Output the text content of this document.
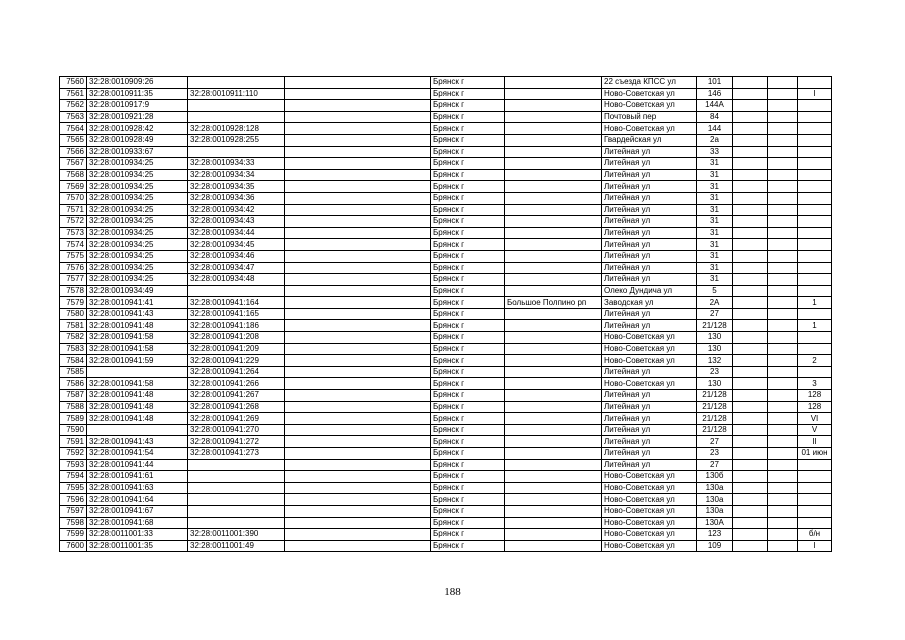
7560	32:28:0010909:26			Брянск г		22 съезда КПСС ул	101			
7561	32:28:0010911:35	32:28:0010911:110		Брянск г		Ново-Советская ул	146			I
7562	32:28:0010917:9			Брянск г		Ново-Советская ул	144А			
7563	32:28:0010921:28			Брянск г		Почтовый пер	84			
7564	32:28:0010928:42	32:28:0010928:128		Брянск г		Ново-Советская ул	144			
7565	32:28:0010928:49	32:28:0010928:255		Брянск г		Гвардейская ул	2а			
7566	32:28:0010933:67			Брянск г		Литейная ул	33			
7567	32:28:0010934:25	32:28:0010934:33		Брянск г		Литейная ул	31			
7568	32:28:0010934:25	32:28:0010934:34		Брянск г		Литейная ул	31			
7569	32:28:0010934:25	32:28:0010934:35		Брянск г		Литейная ул	31			
7570	32:28:0010934:25	32:28:0010934:36		Брянск г		Литейная ул	31			
7571	32:28:0010934:25	32:28:0010934:42		Брянск г		Литейная ул	31			
7572	32:28:0010934:25	32:28:0010934:43		Брянск г		Литейная ул	31			
7573	32:28:0010934:25	32:28:0010934:44		Брянск г		Литейная ул	31			
7574	32:28:0010934:25	32:28:0010934:45		Брянск г		Литейная ул	31			
7575	32:28:0010934:25	32:28:0010934:46		Брянск г		Литейная ул	31			
7576	32:28:0010934:25	32:28:0010934:47		Брянск г		Литейная ул	31			
7577	32:28:0010934:25	32:28:0010934:48		Брянск г		Литейная ул	31			
7578	32:28:0010934:49			Брянск г		Олеко Дундича ул	5			
7579	32:28:0010941:41	32:28:0010941:164		Брянск г	Большое Полпино рп	Заводская ул	2А			1
7580	32:28:0010941:43	32:28:0010941:165		Брянск г		Литейная ул	27			
7581	32:28:0010941:48	32:28:0010941:186		Брянск г		Литейная ул	21/128			1
7582	32:28:0010941:58	32:28:0010941:208		Брянск г		Ново-Советская ул	130			
7583	32:28:0010941:58	32:28:0010941:209		Брянск г		Ново-Советская ул	130			
7584	32:28:0010941:59	32:28:0010941:229		Брянск г		Ново-Советская ул	132			2
7585		32:28:0010941:264		Брянск г		Литейная ул	23			
7586	32:28:0010941:58	32:28:0010941:266		Брянск г		Ново-Советская ул	130			3
7587	32:28:0010941:48	32:28:0010941:267		Брянск г		Литейная ул	21/128			128
7588	32:28:0010941:48	32:28:0010941:268		Брянск г		Литейная ул	21/128			128
7589	32:28:0010941:48	32:28:0010941:269		Брянск г		Литейная ул	21/128			VI
7590		32:28:0010941:270		Брянск г		Литейная ул	21/128			V
7591	32:28:0010941:43	32:28:0010941:272		Брянск г		Литейная ул	27			II
7592	32:28:0010941:54	32:28:0010941:273		Брянск г		Литейная ул	23			01 июн
7593	32:28:0010941:44			Брянск г		Литейная ул	27			
7594	32:28:0010941:61			Брянск г		Ново-Советская ул	130б			
7595	32:28:0010941:63			Брянск г		Ново-Советская ул	130а			
7596	32:28:0010941:64			Брянск г		Ново-Советская ул	130а			
7597	32:28:0010941:67			Брянск г		Ново-Советская ул	130а			
7598	32:28:0010941:68			Брянск г		Ново-Советская ул	130А			
7599	32:28:0011001:33	32:28:0011001:390		Брянск г		Ново-Советская ул	123			б/н
7600	32:28:0011001:35	32:28:0011001:49		Брянск г		Ново-Советская ул	109			I
188
